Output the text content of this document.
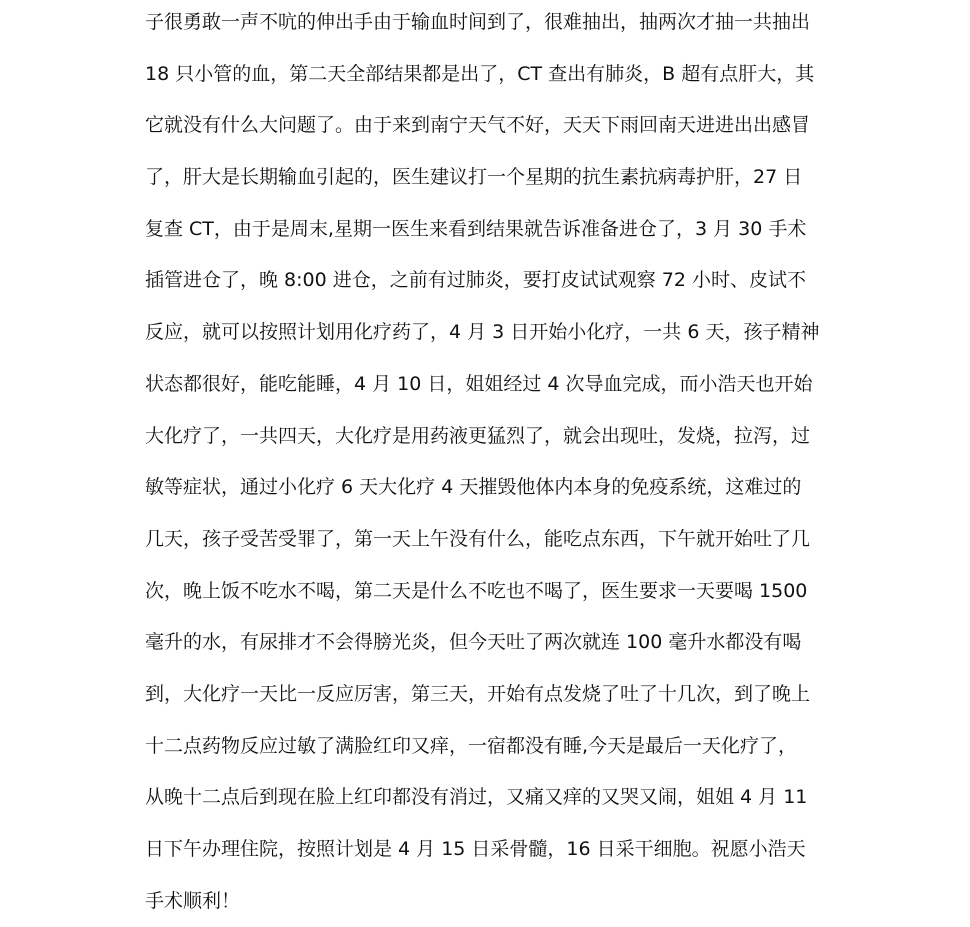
子很勇敢一声不吭的伸出手由于输血时间到了，很难抽出，抽两次才抽一共抽出
18 只小管的血，第二天全部结果都是出了，CT 查出有肺炎，B 超有点肝大，其
它就没有什么大问题了。由于来到南宁天气不好，天天下雨回南天进进出出感冒
了，肝大是长期输血引起的，医生建议打一个星期的抗生素抗病毒护肝，27 日
复查 CT，由于是周末,星期一医生来看到结果就告诉准备进仓了，3 月 30 手术
插管进仓了，晚 8:00 进仓，之前有过肺炎，要打皮试试观察 72 小时、皮试不
反应，就可以按照计划用化疗药了，4 月 3 日开始小化疗，一共 6 天，孩子精神
状态都很好，能吃能睡，4 月 10 日，姐姐经过 4 次导血完成，而小浩天也开始
大化疗了，一共四天，大化疗是用药液更猛烈了，就会出现吐，发烧，拉泻，过
敏等症状，通过小化疗 6 天大化疗 4 天摧毁他体内本身的免疫系统，这难过的
几天，孩子受苦受罪了，第一天上午没有什么，能吃点东西，下午就开始吐了几
次，晚上饭不吃水不喝，第二天是什么不吃也不喝了，医生要求一天要喝 1500
毫升的水，有尿排才不会得膀光炎，但今天吐了两次就连 100 毫升水都没有喝
到，大化疗一天比一反应厉害，第三天，开始有点发烧了吐了十几次，到了晚上
十二点药物反应过敏了满脸红印又痒，一宿都没有睡,今天是最后一天化疗了，
从晚十二点后到现在脸上红印都没有消过，又痛又痒的又哭又闹，姐姐 4 月 11
日下午办理住院，按照计划是 4 月 15 日采骨髓，16 日采干细胞。祝愿小浩天
手术顺利！
